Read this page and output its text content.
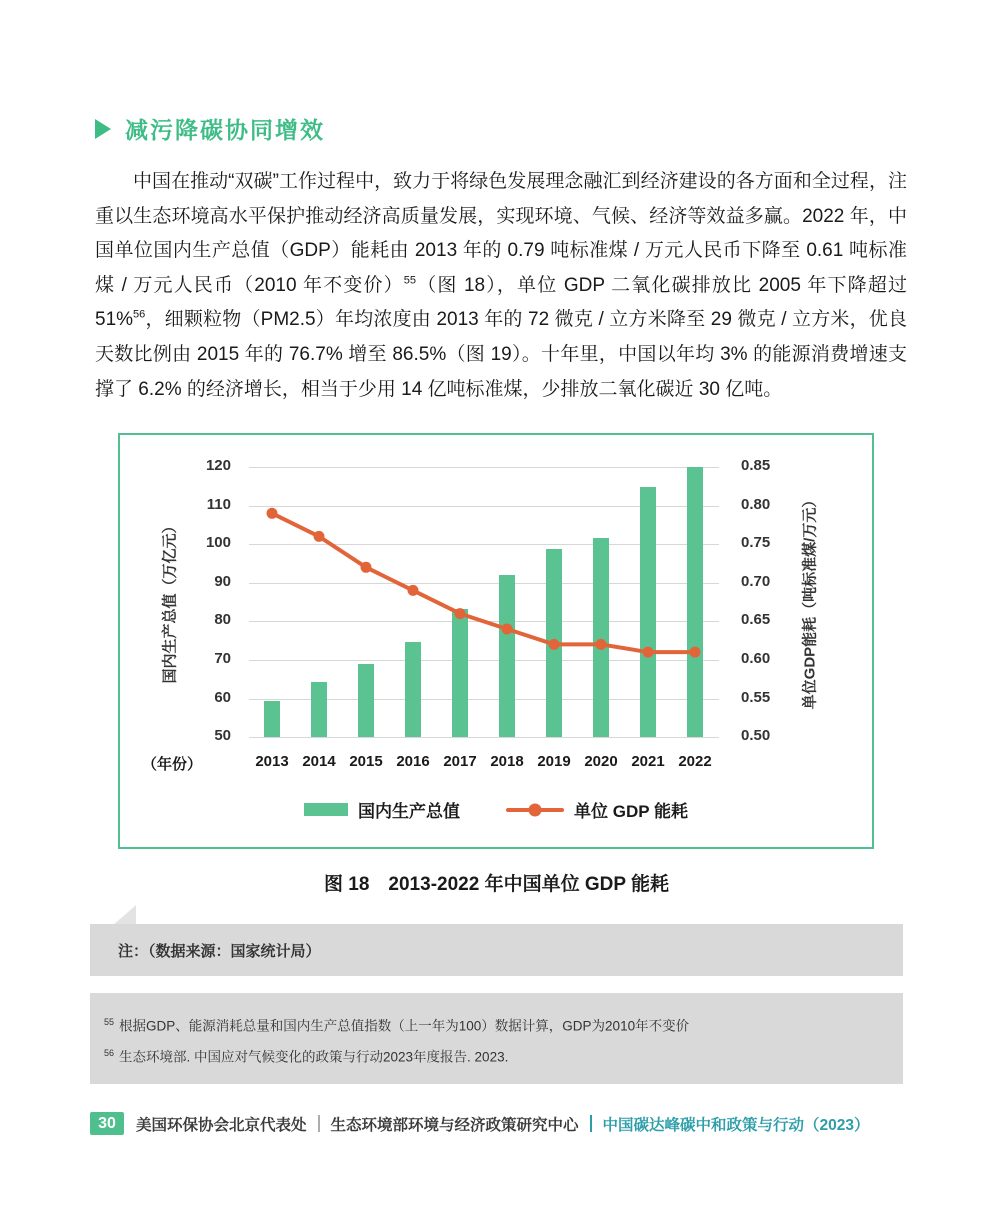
减污降碳协同增效

中国在推动“双碳”工作过程中，致力于将绿色发展理念融汇到经济建设的各方面和全过程，注重以生态环境高水平保护推动经济高质量发展，实现环境、气候、经济等效益多赢。2022 年，中国单位国内生产总值（GDP）能耗由 2013 年的 0.79 吨标准煤 / 万元人民币下降至 0.61 吨标准煤 / 万元人民币（2010 年不变价）$^{55}$（图 18），单位 GDP 二氧化碳排放比 2005 年下降超过 51%$^{56}$，细颗粒物（PM2.5）年均浓度由 2013 年的 72 微克 / 立方米降至 29 微克 / 立方米，优良天数比例由 2015 年的 76.7% 增至 86.5%（图 19）。十年里，中国以年均 3% 的能源消费增速支撑了 6.2% 的经济增长，相当于少用 14 亿吨标准煤，少排放二氧化碳近 30 亿吨。

国内生产总值（万亿元）	单位GDP能耗（吨标准煤/万元）
（年份）
120	0.85
110	0.80
100	0.75
90	0.70
80	0.65
70	0.60
60	0.55
50	0.50
2013 2014 2015 2016 2017 2018 2019 2020 2021 2022
国内生产总值	单位 GDP 能耗
图 18　2013-2022 年中国单位 GDP 能耗
注：（数据来源：国家统计局）
$^{55}$ 根据GDP、能源消耗总量和国内生产总值指数（上一年为100）数据计算，GDP为2010年不变价
$^{56}$ 生态环境部. 中国应对气候变化的政策与行动2023年度报告. 2023.
30	美国环保协会北京代表处 生态环境部环境与经济政策研究中心 中国碳达峰碳中和政策与行动（2023）
